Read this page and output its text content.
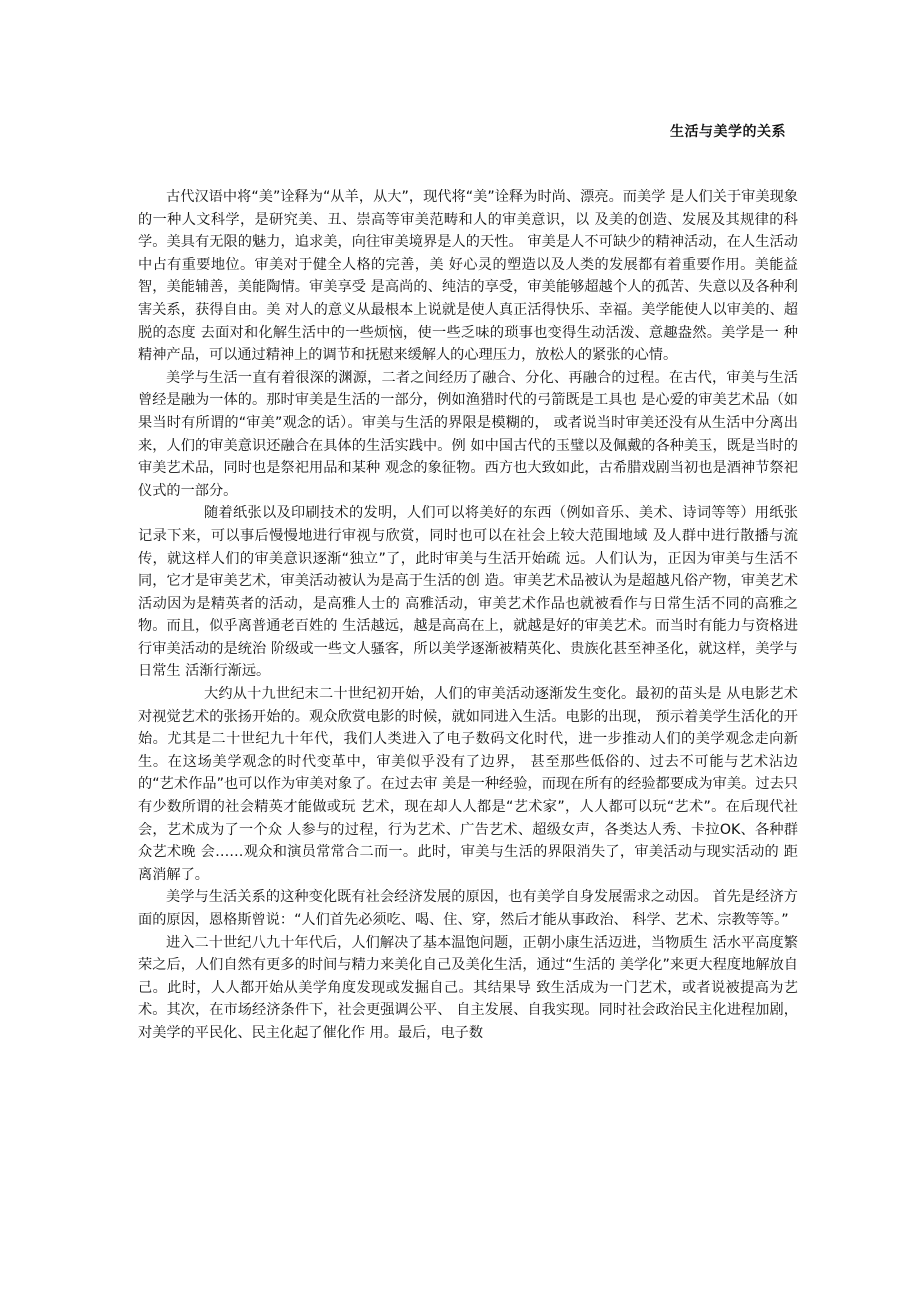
生活与美学的关系

古代汉语中将“美”诠释为“从羊，从大”，现代将“美”诠释为时尚、漂亮。而美学 是人们关于审美现象的一种人文科学，是研究美、丑、崇高等审美范畴和人的审美意识，以 及美的创造、发展及其规律的科学。美具有无限的魅力，追求美，向往审美境界是人的天性。 审美是人不可缺少的精神活动，在人生活动中占有重要地位。审美对于健全人格的完善，美 好心灵的塑造以及人类的发展都有着重要作用。美能益智，美能辅善，美能陶情。审美享受 是高尚的、纯洁的享受，审美能够超越个人的孤苦、失意以及各种利害关系，获得自由。美 对人的意义从最根本上说就是使人真正活得快乐、幸福。美学能使人以审美的、超脱的态度 去面对和化解生活中的一些烦恼，使一些乏味的琐事也变得生动活泼、意趣盎然。美学是一 种精神产品，可以通过精神上的调节和抚慰来缓解人的心理压力，放松人的紧张的心情。

美学与生活一直有着很深的渊源，二者之间经历了融合、分化、再融合的过程。在古代，审美与生活曾经是融为一体的。那时审美是生活的一部分，例如渔猎时代的弓箭既是工具也 是心爱的审美艺术品（如果当时有所谓的“审美”观念的话）。审美与生活的界限是模糊的， 或者说当时审美还没有从生活中分离出来，人们的审美意识还融合在具体的生活实践中。例 如中国古代的玉璧以及佩戴的各种美玉，既是当时的审美艺术品，同时也是祭祀用品和某种 观念的象征物。西方也大致如此，古希腊戏剧当初也是酒神节祭祀仪式的一部分。

随着纸张以及印刷技术的发明，人们可以将美好的东西（例如音乐、美术、诗词等等）用纸张记录下来，可以事后慢慢地进行审视与欣赏，同时也可以在社会上较大范围地域 及人群中进行散播与流传，就这样人们的审美意识逐渐“独立”了，此时审美与生活开始疏 远。人们认为，正因为审美与生活不同，它才是审美艺术，审美活动被认为是高于生活的创 造。审美艺术品被认为是超越凡俗产物，审美艺术活动因为是精英者的活动，是高雅人士的 高雅活动，审美艺术作品也就被看作与日常生活不同的高雅之物。而且，似乎离普通老百姓的 生活越远，越是高高在上，就越是好的审美艺术。而当时有能力与资格进行审美活动的是统治 阶级或一些文人骚客，所以美学逐渐被精英化、贵族化甚至神圣化，就这样，美学与日常生 活渐行渐远。

大约从十九世纪末二十世纪初开始，人们的审美活动逐渐发生变化。最初的苗头是 从电影艺术对视觉艺术的张扬开始的。观众欣赏电影的时候，就如同进入生活。电影的出现， 预示着美学生活化的开始。尤其是二十世纪九十年代，我们人类进入了电子数码文化时代，进一步推动人们的美学观念走向新生。在这场美学观念的时代变革中，审美似乎没有了边界， 甚至那些低俗的、过去不可能与艺术沾边的“艺术作品”也可以作为审美对象了。在过去审 美是一种经验，而现在所有的经验都要成为审美。过去只有少数所谓的社会精英才能做或玩 艺术，现在却人人都是“艺术家”，人人都可以玩“艺术”。在后现代社会，艺术成为了一个众 人参与的过程，行为艺术、广告艺术、超级女声，各类达人秀、卡拉OK、各种群众艺术晚 会……观众和演员常常合二而一。此时，审美与生活的界限消失了，审美活动与现实活动的 距离消解了。

美学与生活关系的这种变化既有社会经济发展的原因，也有美学自身发展需求之动因。 首先是经济方面的原因，恩格斯曾说：“人们首先必须吃、喝、住、穿，然后才能从事政治、 科学、艺术、宗教等等。”

进入二十世纪八九十年代后，人们解决了基本温饱问题，正朝小康生活迈进，当物质生 活水平高度繁荣之后，人们自然有更多的时间与精力来美化自己及美化生活，通过“生活的 美学化”来更大程度地解放自己。此时，人人都开始从美学角度发现或发掘自己。其结果导 致生活成为一门艺术，或者说被提高为艺术。其次，在市场经济条件下，社会更强调公平、 自主发展、自我实现。同时社会政治民主化进程加剧，对美学的平民化、民主化起了催化作 用。最后，电子数
